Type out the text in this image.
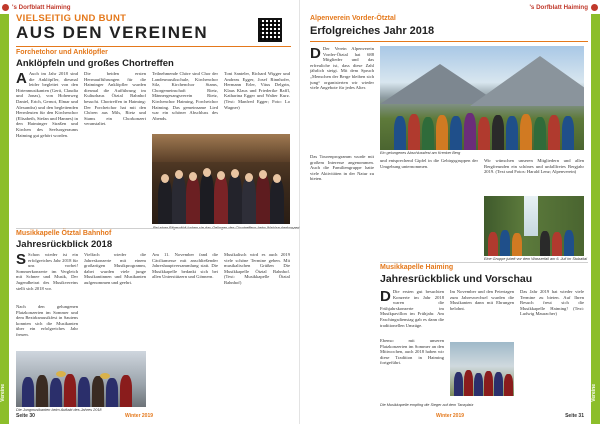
's Dorfblatt Haiming
Vereine
VIELSEITIG UND BUNT
AUS DEN VEREINEN
Forchetchor und Anklöpfler
Anklöpfeln und großes Chortreffen
A Auch im Jahr 2018 sind die Anklöpfler, diesmal leider begleitet von den Hirtenmusikanten (Gerti, Claudia und Jonas), von Hohenweg Daniel, Erich, Gernot, Elmar und Alexandra) und den begleitenden Herrnleuten für den Kirchenchor (Elisabeth, Stefan und Hannes) in den Haiminger Straßen und Kirchen des Seelsorgeraums Haiming gut gehört worden.
Die beiden ersten Herrnaufführungen für die Haiminger Anklöpfler wurden diesmal die Aufführung im Kulturhaus Ötztal Bahnhof besucht. Chortreffen in Haiming: Der Forchetchor hat mit den Chören aus Mils, Rietz und Stams ein Chorkonzert veranstaltet.
Teilnehmende Chöre sind Chor der Landesmusikschule, Kirchenchor Silz, Kirchenchor Stams, Chorgemeinschaft Rietz, Männergesangsverein Rietz, Kirchenchor Haiming, Forchetchor Haiming. Das gemeinsame Lied war ein schöner Abschluss des Abends.
Toni Santeler, Richard Wigger und Andreas Egger, Josef Rinnhofer, Hermann Erler, Vitus Delgrin, Klaus Klaus und Friederike Raffl, Katharina Egger und Walter Kurz. (Text: Manfred Egger; Foto: Lo Wagner)
Bei einer Bilgewählt haben sie das Gelingen des Chortreffens beim Waldzauberkonzert
Musikkapelle Ötztal Bahnhof
Jahresrückblick 2018
S Schon wieder ist ein erfolgreiches Jahr 2018 für uns vorbei! Sommerkonzerte im Vergleich mit Schnee und Musik, Der Jugendbeirat des Musikvereins stellt sich 2018 vor.
Nach den gelungenen Platzkonzerten im Sommer und dem Bezirksmusikfest in Sautens konnten sich die Musikanten über ein erfolgreiches Jahr freuen.
Vielfach wieder die Jahreskonzerte mit einem großartigen Musikprogramm, dabei wurden viele junge Musikantinnen und Musikanten aufgenommen und geehrt.
Am 11. November fand die Cäciliamesse mit anschließender Jahreshauptversammlung statt. Die Musikkapelle bedankt sich bei allen Unterstützern und Gönnern.
Musikalisch wird es auch 2019 viele schöne Termine geben. Mit musikalischen Grüßen Die Musikkapelle Ötztal Bahnhof. (Text: Musikkapelle Ötztal Bahnhof)
Die Jungmusikanten beim Auftakt des Jahres 2018
Seite 30	Winter 2019
's Dorfblatt Haiming
Vereine
Alpenverein Vorder-Ötztal
Erfolgreiches Jahr 2018
D Der Verein Alpenverein Vorder-Ötztal hat 688 Mitglieder und das erfreuliche ist, dass diese Zahl jährlich steigt. Mit dem Spruch „Menschen der Berge bleiben sich jung“ organisierten wir wieder viele Angebote für jedes Alter.
Das Tourenprogramm wurde mit großem Interesse angenommen. Auch die Familiengruppe hatte viele Aktivitäten in der Natur zu bieten.
Ein gelungenes Abschlussfest am Krenker Berg
und entsprechend Gipfel in die Gebirgsgruppen der Umgebung unternommen.
Wir wünschen unseren Mitgliedern und allen Bergfreunden ein schönes und unfallfreies Bergjahr 2019. (Text und Fotos: Harald Lenz; Alpenverein)
Eine Gruppe jubelt vor dem Wasserfall am 6. Juli im Stubaital
Musikkapelle Haiming
Jahresrückblick und Vorschau
D Die ersten gut besuchten Konzerte im Jahr 2018 waren die Frühjahrskonzerte im Musikpavillon im Frühjahr. Am Faschingsdienstag gab es dann die traditionellen Umzüge.
Ebenso mit unseren Platzkonzerten im Sommer an den Mittwochen, auch 2018 haben wir diese Tradition in Haiming fortgeführt.
Im November und den Feiertagen zum Jahreswechsel wurden die Musikanten dann mit Ehrungen belohnt.
Das Jahr 2019 hat wieder viele Termine zu bieten. Auf Ihren Besuch freut sich die Musikkapelle Haiming! (Text: Ludwig Mauracher)
Die Musikkapelle empfing die Sieger auf dem Tanzplatz
Seite 31
Winter 2019
